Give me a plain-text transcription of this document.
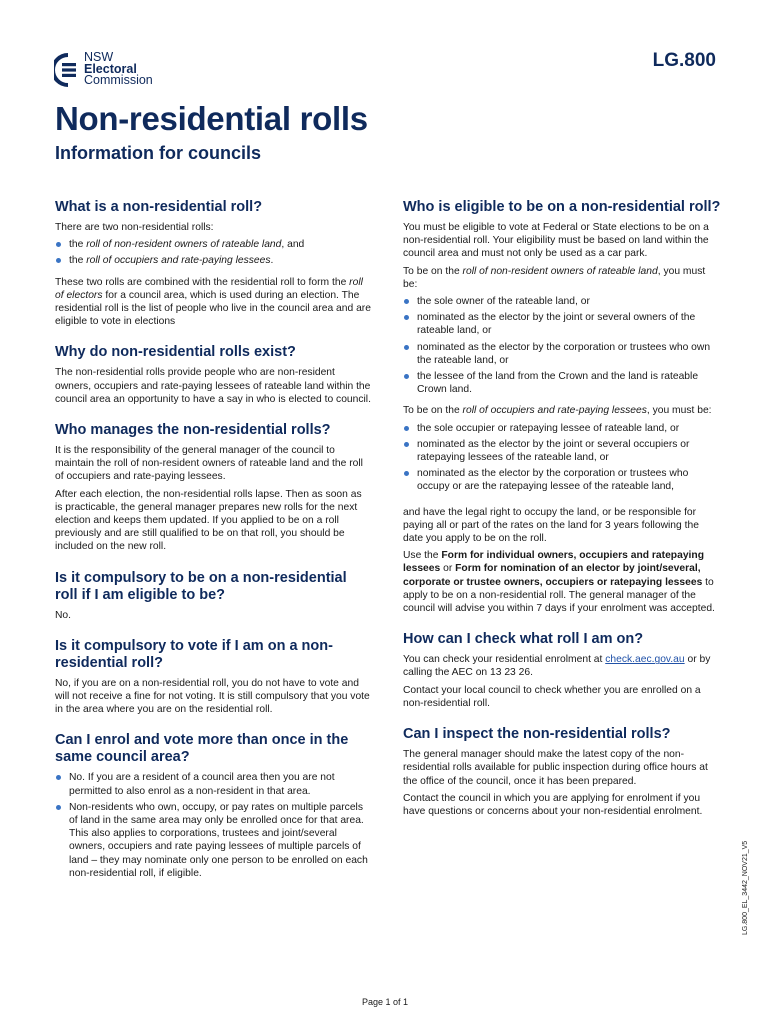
NSW
Electoral
Commission
LG.800
Non-residential rolls
Information for councils
What is a non-residential roll?

There are two non-residential rolls:

the roll of non-resident owners of rateable land, and
the roll of occupiers and rate-paying lessees.

These two rolls are combined with the residential roll to form the roll of electors for a council area, which is used during an election. The residential roll is the list of people who live in the council area and are eligible to vote in elections

Why do non-residential rolls exist?

The non-residential rolls provide people who are non-resident owners, occupiers and rate-paying lessees of rateable land within the council area an opportunity to have a say in who is elected to council.

Who manages the non-residential rolls?

It is the responsibility of the general manager of the council to maintain the roll of non-resident owners of rateable land and the roll of occupiers and rate-paying lessees.

After each election, the non-residential rolls lapse. Then as soon as is practicable, the general manager prepares new rolls for the next election and keeps them updated. If you applied to be on a roll previously and are still qualified to be on that roll, you should be included on the new roll.

Is it compulsory to be on a non-residential roll if I am eligible to be?

No.

Is it compulsory to vote if I am on a non-residential roll?

No, if you are on a non-residential roll, you do not have to vote and will not receive a fine for not voting. It is still compulsory that you vote in the area where you are on the residential roll.

Can I enrol and vote more than once in the same council area?
No. If you are a resident of a council area then you are not permitted to also enrol as a non-resident in that area.
Non-residents who own, occupy, or pay rates on multiple parcels of land in the same area may only be enrolled once for that area. This also applies to corporations, trustees and joint/several owners, occupiers and rate paying lessees of multiple parcels of land – they may nominate only one person to be enrolled on each non-residential roll, if eligible.
Who is eligible to be on a non-residential roll?

You must be eligible to vote at Federal or State elections to be on a non-residential roll. Your eligibility must be based on land within the council area and must not only be used as a car park.

To be on the roll of non-resident owners of rateable land, you must be:

the sole owner of the rateable land, or
nominated as the elector by the joint or several owners of the rateable land, or
nominated as the elector by the corporation or trustees who own the rateable land, or
the lessee of the land from the Crown and the land is rateable Crown land.

To be on the roll of occupiers and rate-paying lessees, you must be:

the sole occupier or ratepaying lessee of rateable land, or
nominated as the elector by the joint or several occupiers or ratepaying lessees of the rateable land, or
nominated as the elector by the corporation or trustees who occupy or are the ratepaying lessee of the rateable land,

and have the legal right to occupy the land, or be responsible for paying all or part of the rates on the land for 3 years following the date you apply to be on the roll.

Use the Form for individual owners, occupiers and ratepaying lessees or Form for nomination of an elector by joint/several, corporate or trustee owners, occupiers or ratepaying lessees to apply to be on a non-residential roll. The general manager of the council will advise you within 7 days if your enrolment was accepted.

How can I check what roll I am on?

You can check your residential enrolment at check.aec.gov.au or by calling the AEC on 13 23 26.

Contact your local council to check whether you are enrolled on a non-residential roll.

Can I inspect the non-residential rolls?

The general manager should make the latest copy of the non-residential rolls available for public inspection during office hours at the office of the council, once it has been prepared.

Contact the council in which you are applying for enrolment if you have questions or concerns about your non-residential enrolment.

LG.800_EL_3442_NOV21_V5
Page 1 of 1
